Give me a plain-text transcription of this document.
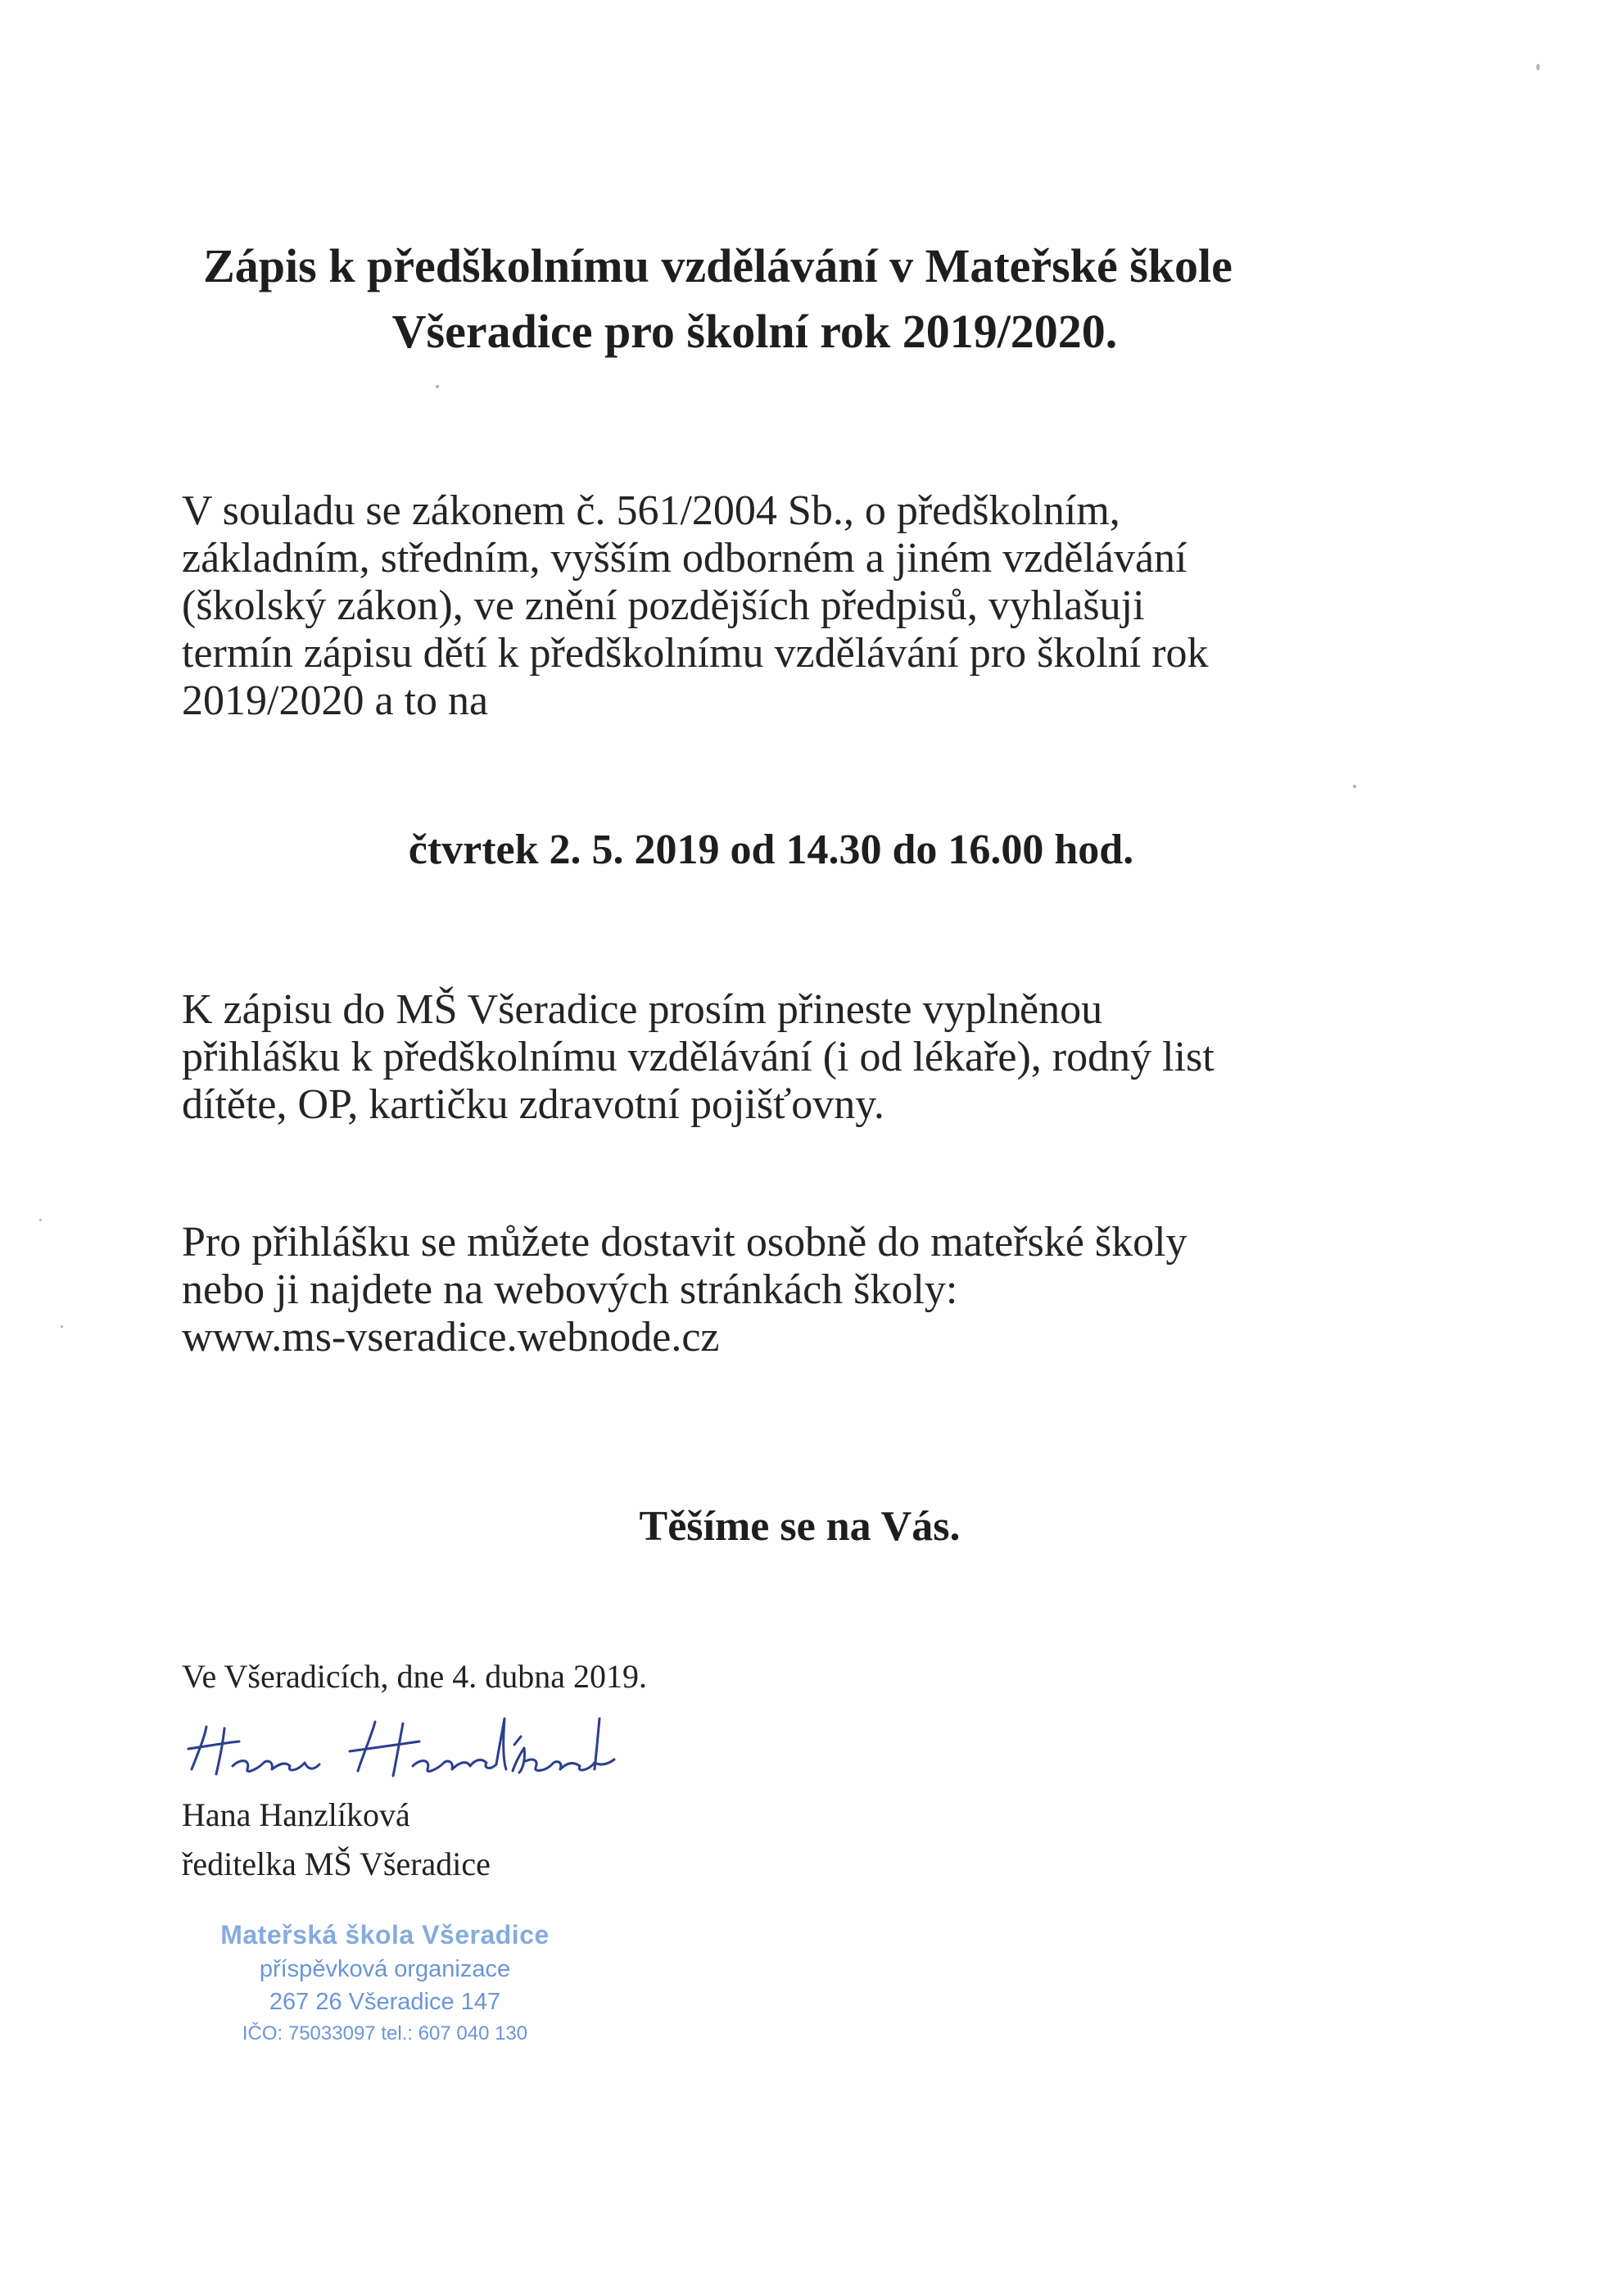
Zápis k předškolnímu vzdělávání v Mateřské škole
Všeradice pro školní rok 2019/2020.
V souladu se zákonem č. 561/2004 Sb., o předškolním,
základním, středním, vyšším odborném a jiném vzdělávání
(školský zákon), ve znění pozdějších předpisů, vyhlašuji
termín zápisu dětí k předškolnímu vzdělávání pro školní rok
2019/2020 a to na
čtvrtek 2. 5. 2019 od 14.30 do 16.00 hod.
K zápisu do MŠ Všeradice prosím přineste vyplněnou
přihlášku k předškolnímu vzdělávání (i od lékaře), rodný list
dítěte, OP, kartičku zdravotní pojišťovny.
Pro přihlášku se můžete dostavit osobně do mateřské školy
nebo ji najdete na webových stránkách školy:
www.ms-vseradice.webnode.cz
Těšíme se na Vás.
Ve Všeradicích, dne 4. dubna 2019.
Hana Hanzlíková
ředitelka MŠ Všeradice
Mateřská škola Všeradice
příspěvková organizace
267 26 Všeradice 147
IČO: 75033097 tel.: 607 040 130
